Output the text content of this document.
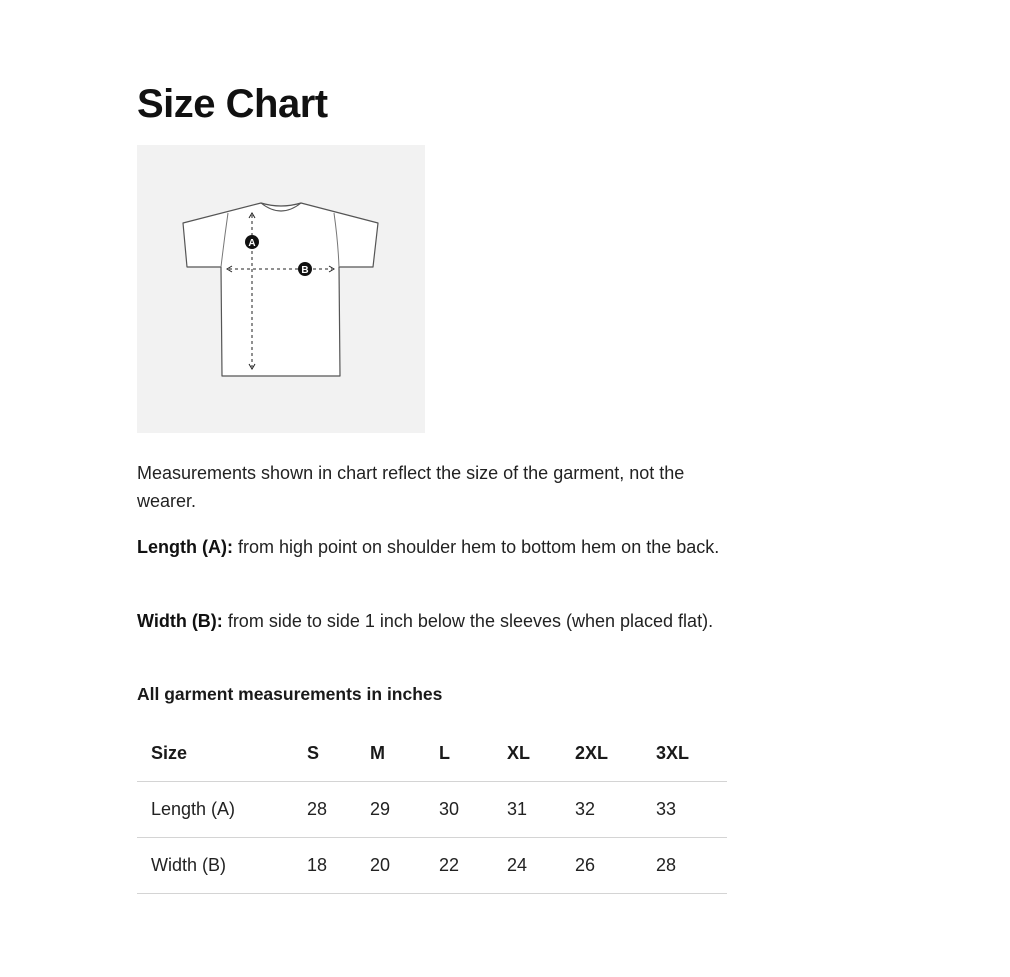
Size Chart
A
B

Measurements shown in chart reflect the size of the garment, not the wearer.

Length (A): from high point on shoulder hem to bottom hem on the back.

Width (B): from side to side 1 inch below the sleeves (when placed flat).

All garment measurements in inches

Size	S	M	L	XL	2XL	3XL
Length (A)	28	29	30	31	32	33
Width (B)	18	20	22	24	26	28
